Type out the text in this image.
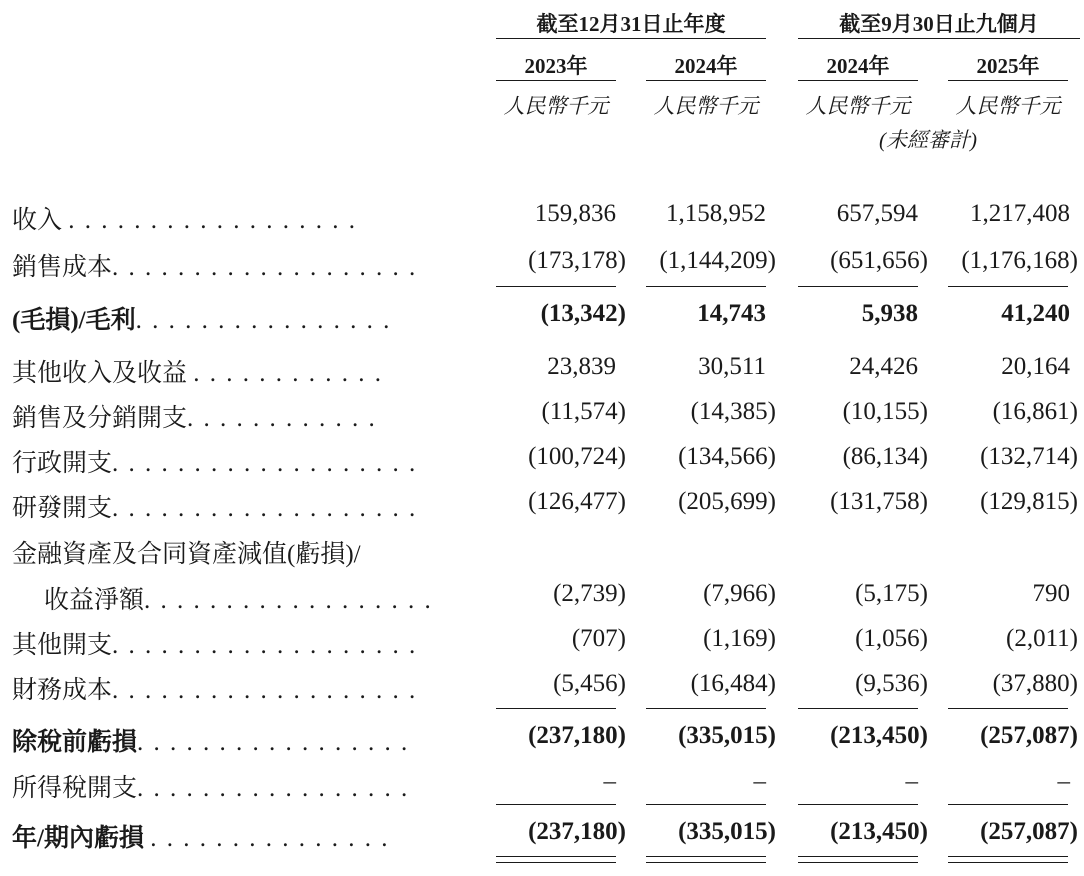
截至12月31日止年度	截至9月30日止九個月
2023年	2024年	2024年	2025年
人民幣千元	人民幣千元	人民幣千元	人民幣千元
(未經審計)
收入 . . . . . . . . . . . . . . . . . .	159,836	1,158,952	657,594	1,217,408
銷售成本. . . . . . . . . . . . . . . . . . .	(173,178)	(1,144,209)	(651,656)	(1,176,168)
(毛損)/毛利. . . . . . . . . . . . . . . .	(13,342)	14,743	5,938	41,240
其他收入及收益 . . . . . . . . . . . .	23,839	30,511	24,426	20,164
銷售及分銷開支. . . . . . . . . . . .	(11,574)	(14,385)	(10,155)	(16,861)
行政開支. . . . . . . . . . . . . . . . . . .	(100,724)	(134,566)	(86,134)	(132,714)
研發開支. . . . . . . . . . . . . . . . . . .	(126,477)	(205,699)	(131,758)	(129,815)
金融資產及合同資產減值(虧損)/
收益淨額. . . . . . . . . . . . . . . . . .	(2,739)	(7,966)	(5,175)	790
其他開支. . . . . . . . . . . . . . . . . . .	(707)	(1,169)	(1,056)	(2,011)
財務成本. . . . . . . . . . . . . . . . . . .	(5,456)	(16,484)	(9,536)	(37,880)
除稅前虧損. . . . . . . . . . . . . . . . .	(237,180)	(335,015)	(213,450)	(257,087)
所得稅開支. . . . . . . . . . . . . . . . .	–	–	–	–
年/期內虧損 . . . . . . . . . . . . . . .	(237,180)	(335,015)	(213,450)	(257,087)
